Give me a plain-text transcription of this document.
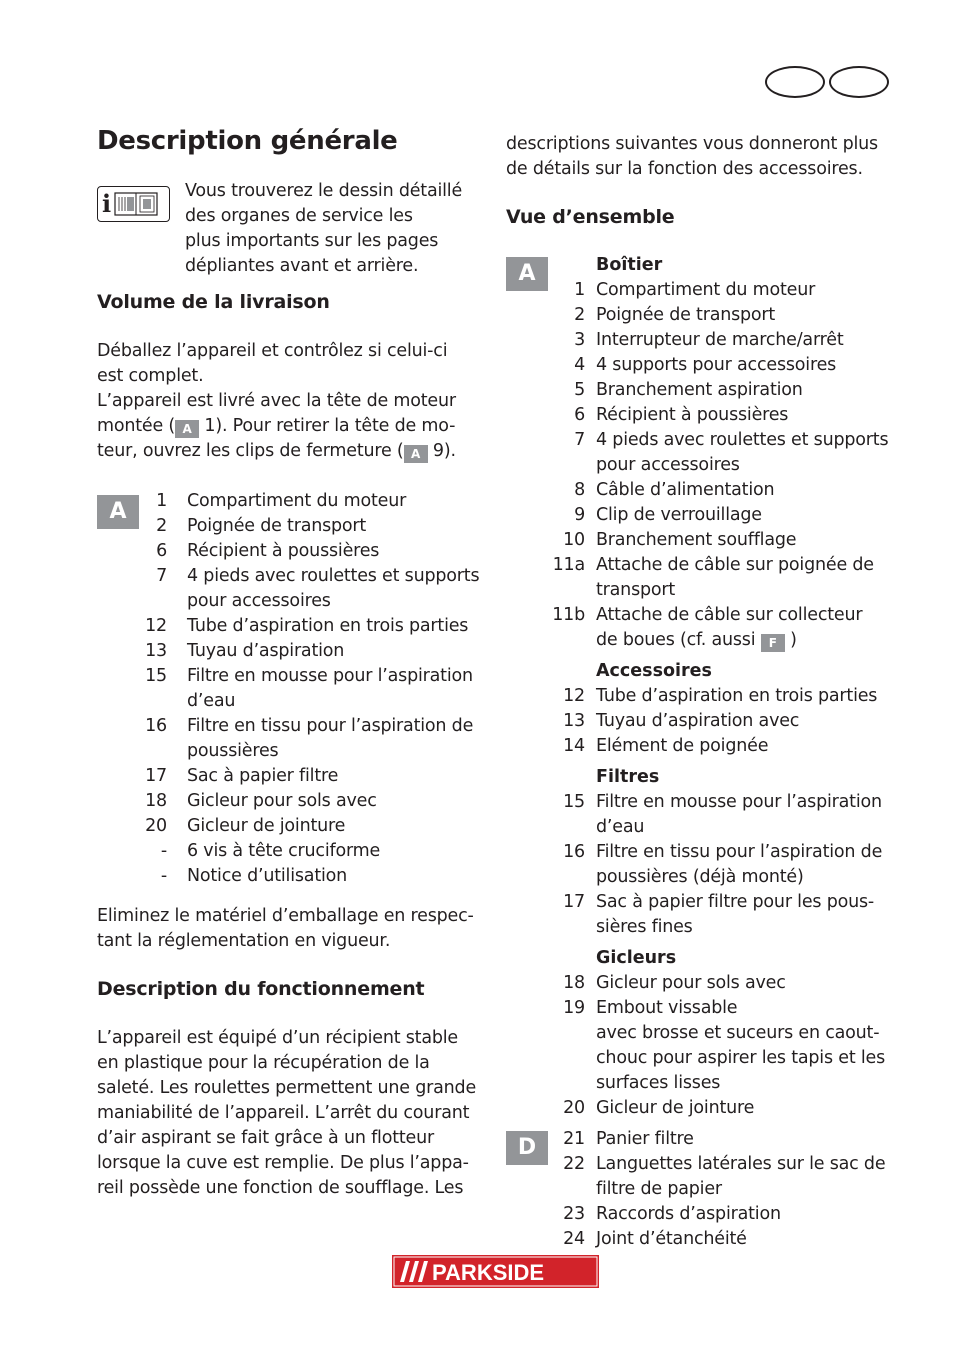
Description générale
i	Vous trouverez le dessin détaillé

des organes de service les

plus importants sur les pages

dépliantes avant et arrière.

Volume de la livraison

Déballez l’appareil et contrôlez si celui-ci

est complet.

L’appareil est livré avec la tête de moteur

montée ( A 1). Pour retirer la tête de mo-

teur, ouvrez les clips de fermeture ( A 9).

A	1 Compartiment du moteur
2 Poignée de transport
6 Récipient à poussières
7 4 pieds avec roulettes et supports
pour accessoires
12 Tube d’aspiration en trois parties
13 Tuyau d’aspiration
15 Filtre en mousse pour l’aspiration
d’eau
16 Filtre en tissu pour l’aspiration de
poussières
17 Sac à papier filtre
18 Gicleur pour sols avec
20 Gicleur de jointure
- 6 vis à tête cruciforme
- Notice d’utilisation

Eliminez le matériel d’emballage en respec-

tant la réglementation en vigueur.

Description du fonctionnement

L’appareil est équipé d’un récipient stable

en plastique pour la récupération de la

saleté. Les roulettes permettent une grande

maniabilité de l’appareil. L’arrêt du courant

d’air aspirant se fait grâce à un flotteur

lorsque la cuve est remplie. De plus l’appa-

reil possède une fonction de soufflage. Les

descriptions suivantes vous donneront plus

de détails sur la fonction des accessoires.

Vue d’ensemble
A	Boîtier
1 Compartiment du moteur
2 Poignée de transport
3 Interrupteur de marche/arrêt
4 4 supports pour accessoires
5 Branchement aspiration
6 Récipient à poussières
7 4 pieds avec roulettes et supports
pour accessoires
8 Câble d’alimentation
9 Clip de verrouillage
10 Branchement soufflage
11a Attache de câble sur poignée de
transport
11b Attache de câble sur collecteur
de boues (cf. aussi F )
Accessoires
12 Tube d’aspiration en trois parties
13 Tuyau d’aspiration avec
14 Elément de poignée
Filtres
15 Filtre en mousse pour l’aspiration
d’eau
16 Filtre en tissu pour l’aspiration de
poussières (déjà monté)
17 Sac à papier filtre pour les pous-
sières fines
Gicleurs
18 Gicleur pour sols avec
19 Embout vissable
avec brosse et suceurs en caout-
chouc pour aspirer les tapis et les
surfaces lisses
20 Gicleur de jointure
D	21 Panier filtre
22 Languettes latérales sur le sac de
filtre de papier
23 Raccords d’aspiration
24 Joint d’étanchéité
PARKSIDE
